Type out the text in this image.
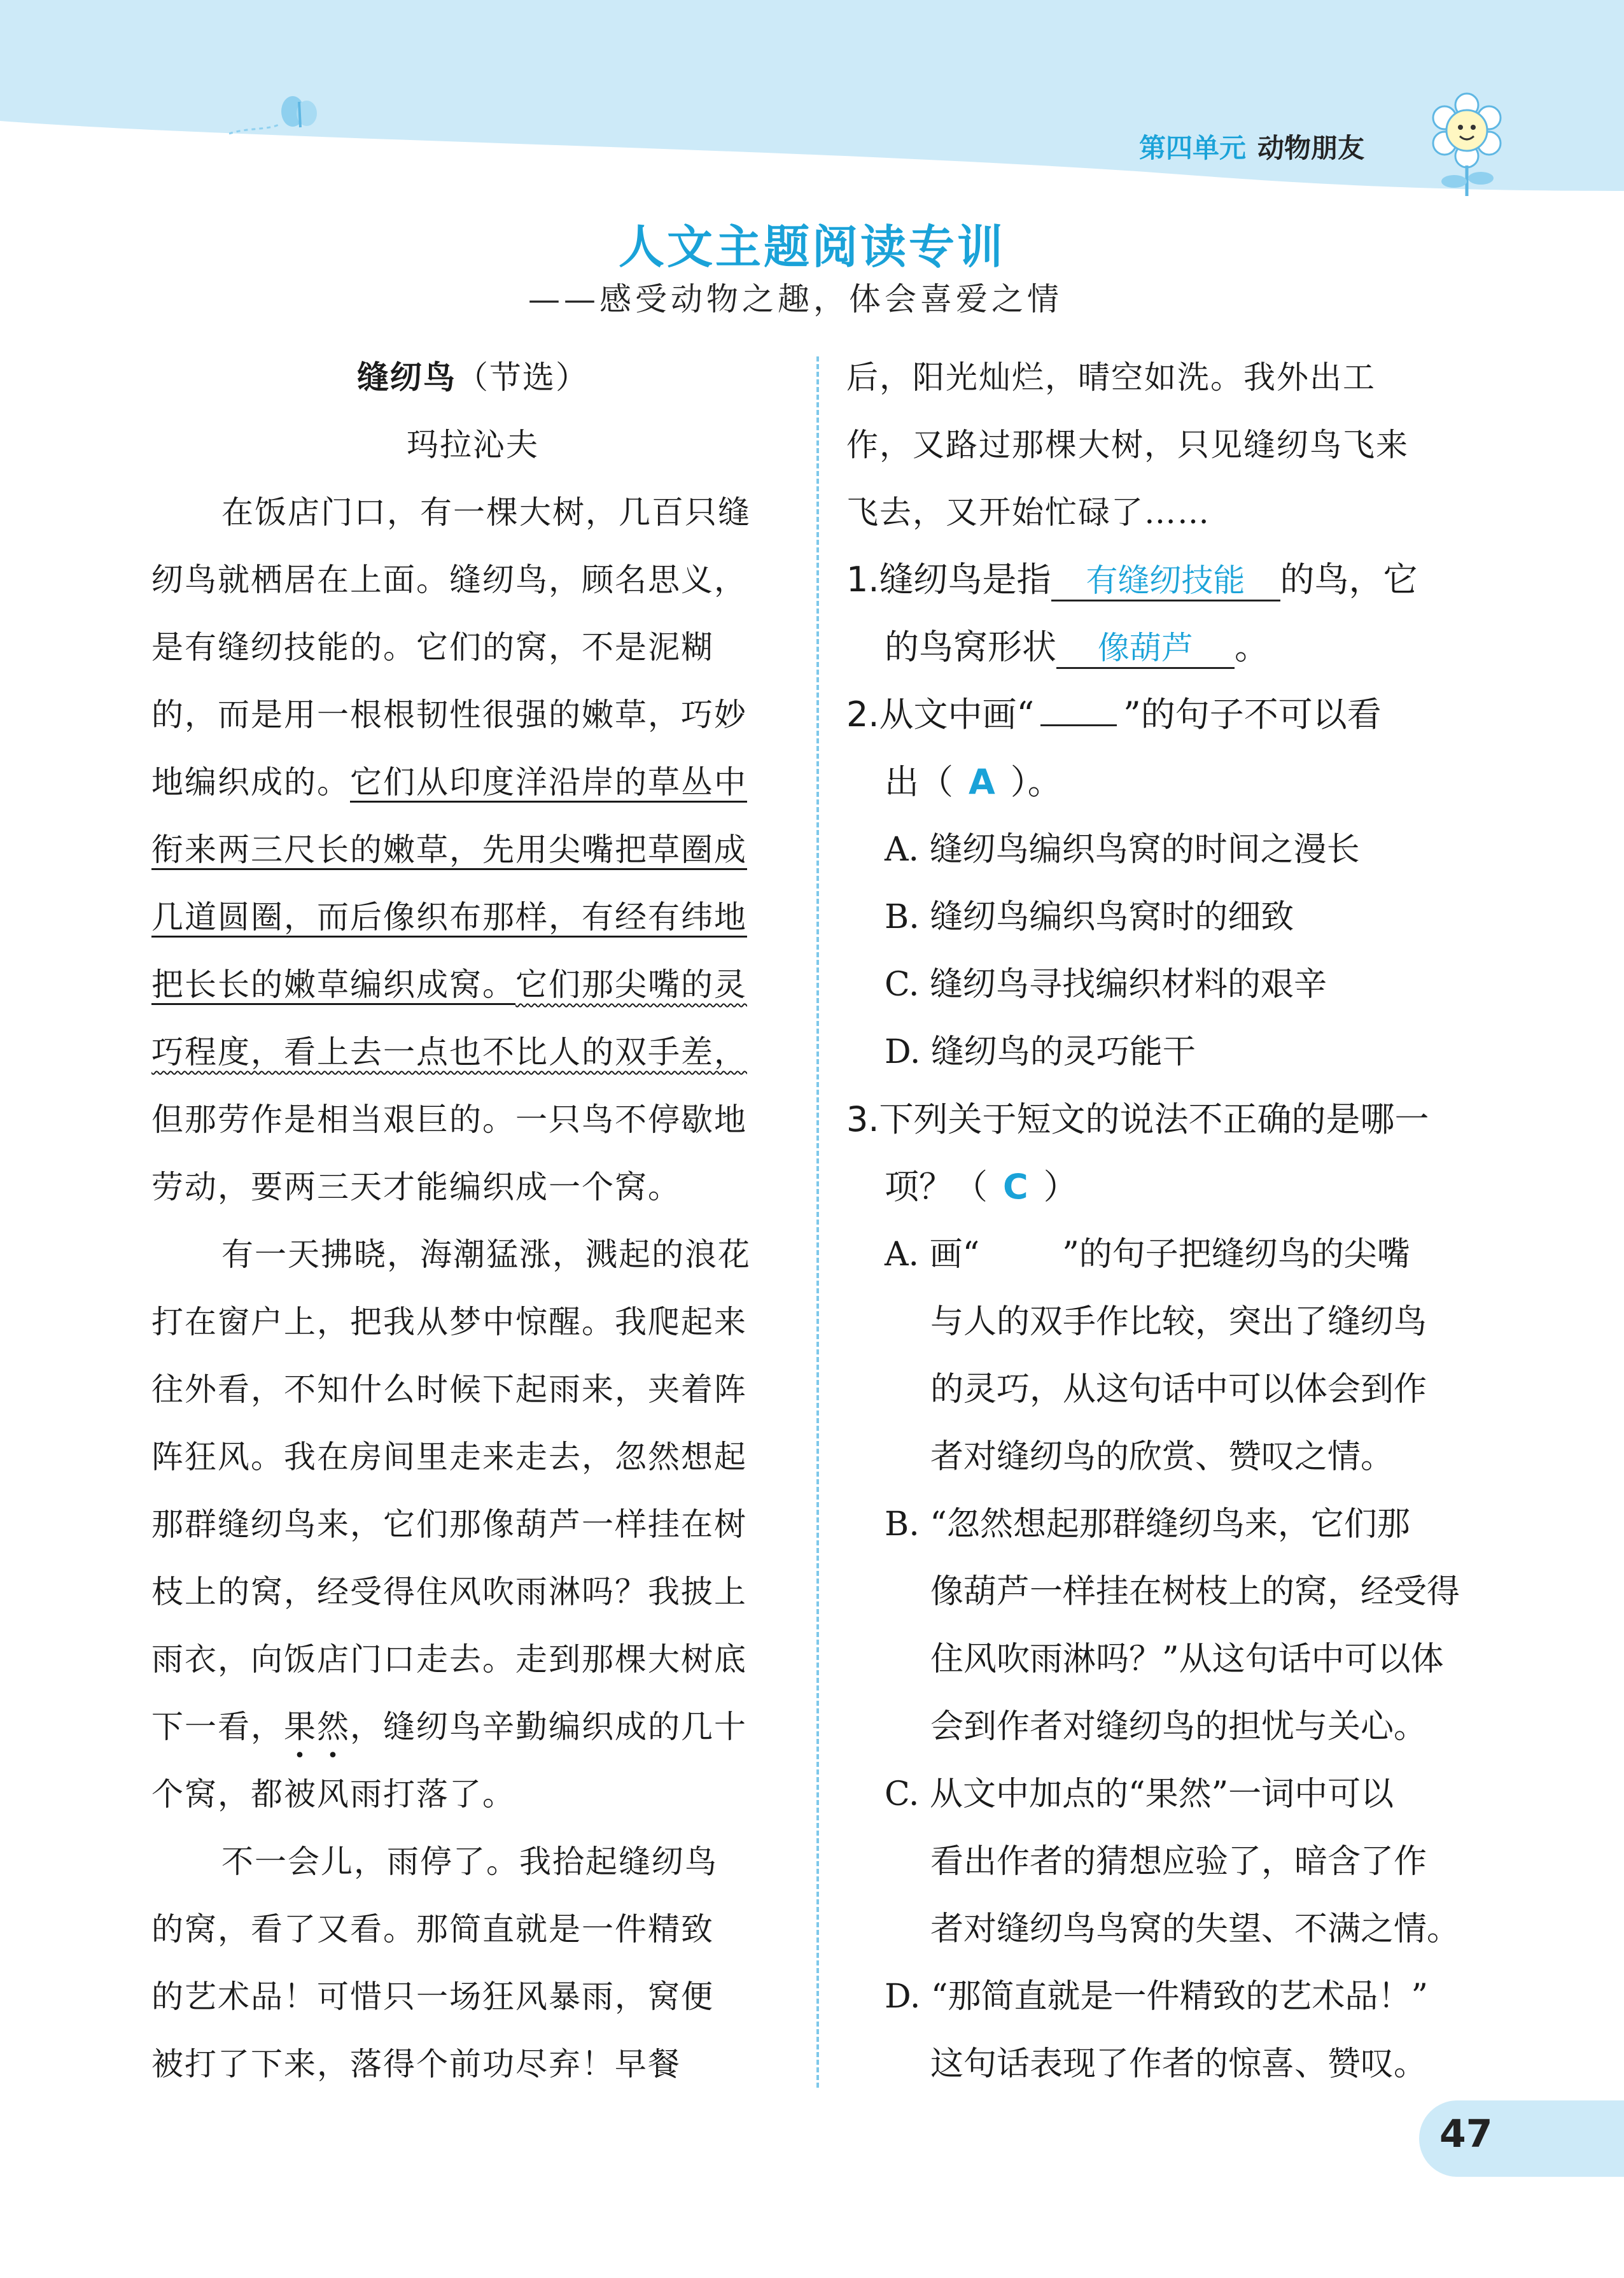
第四单元 动物朋友
人文主题阅读专训
——感受动物之趣，体会喜爱之情
缝纫鸟（节选）
玛拉沁夫
在饭店门口，有一棵大树，几百只缝
纫鸟就栖居在上面。缝纫鸟，顾名思义，
是有缝纫技能的。它们的窝，不是泥糊
的，而是用一根根韧性很强的嫩草，巧妙
地编织成的。它们从印度洋沿岸的草丛中
衔来两三尺长的嫩草，先用尖嘴把草圈成
几道圆圈，而后像织布那样，有经有纬地
把长长的嫩草编织成窝。它们那尖嘴的灵
巧程度，看上去一点也不比人的双手差，
但那劳作是相当艰巨的。一只鸟不停歇地
劳动，要两三天才能编织成一个窝。
有一天拂晓，海潮猛涨，溅起的浪花
打在窗户上，把我从梦中惊醒。我爬起来
往外看，不知什么时候下起雨来，夹着阵
阵狂风。我在房间里走来走去，忽然想起
那群缝纫鸟来，它们那像葫芦一样挂在树
枝上的窝，经受得住风吹雨淋吗？我披上
雨衣，向饭店门口走去。走到那棵大树底
下一看，果然，缝纫鸟辛勤编织成的几十
个窝，都被风雨打落了。
不一会儿，雨停了。我拾起缝纫鸟
的窝，看了又看。那简直就是一件精致
的艺术品！可惜只一场狂风暴雨，窝便
被打了下来，落得个前功尽弃！早餐
后，阳光灿烂，晴空如洗。我外出工
作，又路过那棵大树，只见缝纫鸟飞来
飞去，又开始忙碌了……
1.缝纫鸟是指 有缝纫技能 的鸟，它
的鸟窝形状 像葫芦 。
2.从文中画“	”的句子不可以看
出（ A ）。
A. 缝纫鸟编织鸟窝的时间之漫长
B. 缝纫鸟编织鸟窝时的细致
C. 缝纫鸟寻找编织材料的艰辛
D. 缝纫鸟的灵巧能干
3.下列关于短文的说法不正确的是哪一
项？（ C ）
A. 画“	”的句子把缝纫鸟的尖嘴
与人的双手作比较，突出了缝纫鸟
的灵巧，从这句话中可以体会到作
者对缝纫鸟的欣赏、赞叹之情。
B. “忽然想起那群缝纫鸟来，它们那
像葫芦一样挂在树枝上的窝，经受得
住风吹雨淋吗？”从这句话中可以体
会到作者对缝纫鸟的担忧与关心。
C. 从文中加点的“果然”一词中可以
看出作者的猜想应验了，暗含了作
者对缝纫鸟鸟窝的失望、不满之情。
D. “那简直就是一件精致的艺术品！”
这句话表现了作者的惊喜、赞叹。
47
